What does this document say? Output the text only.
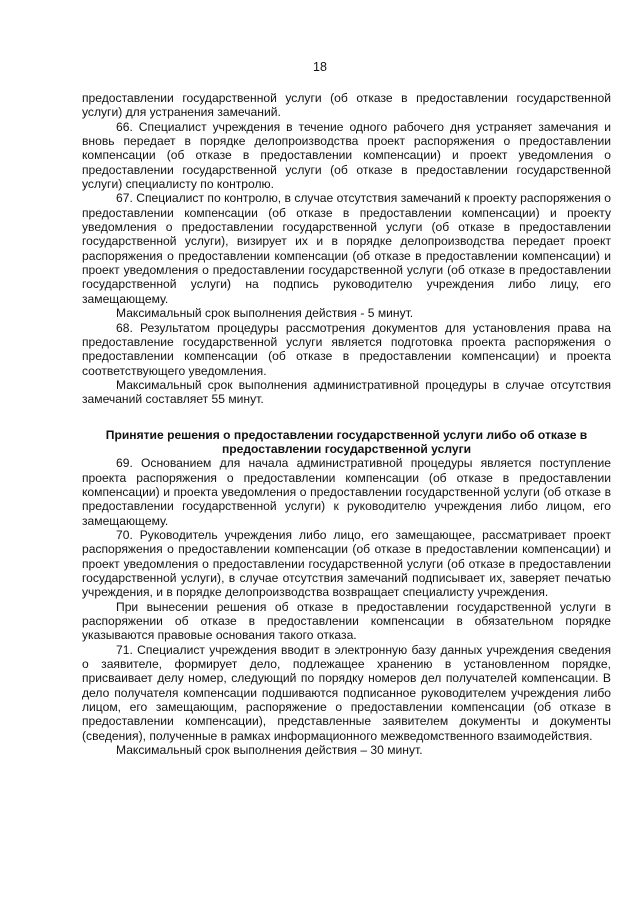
18

предоставлении государственной услуги (об отказе в предоставлении государственной услуги) для устранения замечаний.

66. Специалист учреждения в течение одного рабочего дня устраняет замечания и вновь передает в порядке делопроизводства проект распоряжения о предоставлении компенсации (об отказе в предоставлении компенсации) и проект уведомления о предоставлении государственной услуги (об отказе в предоставлении государственной услуги) специалисту по контролю.

67. Специалист по контролю, в случае отсутствия замечаний к проекту распоряжения о предоставлении компенсации (об отказе в предоставлении компенсации) и проекту уведомления о предоставлении государственной услуги (об отказе в предоставлении государственной услуги), визирует их и в порядке делопроизводства передает проект распоряжения о предоставлении компенсации (об отказе в предоставлении компенсации) и проект уведомления о предоставлении государственной услуги (об отказе в предоставлении государственной услуги) на подпись руководителю учреждения либо лицу, его замещающему.

Максимальный срок выполнения действия - 5 минут.

68. Результатом процедуры рассмотрения документов для установления права на предоставление государственной услуги является подготовка проекта распоряжения о предоставлении компенсации (об отказе в предоставлении компенсации) и проекта соответствующего уведомления.

Максимальный срок выполнения административной процедуры в случае отсутствия замечаний составляет 55 минут.

Принятие решения о предоставлении государственной услуги либо об отказе в предоставлении государственной услуги

69. Основанием для начала административной процедуры является поступление проекта распоряжения о предоставлении компенсации (об отказе в предоставлении компенсации) и проекта уведомления о предоставлении государственной услуги (об отказе в предоставлении государственной услуги) к руководителю учреждения либо лицом, его замещающему.

70. Руководитель учреждения либо лицо, его замещающее, рассматривает проект распоряжения о предоставлении компенсации (об отказе в предоставлении компенсации) и проект уведомления о предоставлении государственной услуги (об отказе в предоставлении государственной услуги), в случае отсутствия замечаний подписывает их, заверяет печатью учреждения, и в порядке делопроизводства возвращает специалисту учреждения.

При вынесении решения об отказе в предоставлении государственной услуги в распоряжении об отказе в предоставлении компенсации в обязательном порядке указываются правовые основания такого отказа.

71. Специалист учреждения вводит в электронную базу данных учреждения сведения о заявителе, формирует дело, подлежащее хранению в установленном порядке, присваивает делу номер, следующий по порядку номеров дел получателей компенсации. В дело получателя компенсации подшиваются подписанное руководителем учреждения либо лицом, его замещающим, распоряжение о предоставлении компенсации (об отказе в предоставлении компенсации), представленные заявителем документы и документы (сведения), полученные в рамках информационного межведомственного взаимодействия.

Максимальный срок выполнения действия – 30 минут.
